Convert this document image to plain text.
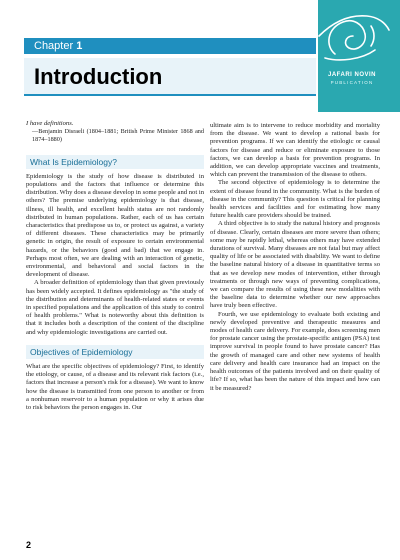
Chapter 1
Introduction	JAFARI NOVIN
PUBLICATION

I have definitions.

—Benjamin Disraeli (1804–1881; British Prime Minister 1868 and 1874–1880)

What Is Epidemiology?

Epidemiology is the study of how disease is distributed in populations and the factors that influence or determine this distribution. Why does a disease develop in some people and not in others? The premise underlying epidemiology is that disease, illness, ill health, and excellent health status are not randomly distributed in human populations. Rather, each of us has certain characteristics that predispose us to, or protect us against, a variety of different diseases. These characteristics may be primarily genetic in origin, the result of exposure to certain environmental hazards, or the behaviors (good and bad) that we engage in. Perhaps most often, we are dealing with an interaction of genetic, environmental, and behavioral and social factors in the development of disease.

A broader definition of epidemiology than that given previously has been widely accepted. It defines epidemiology as "the study of the distribution and determinants of health-related states or events in specified populations and the application of this study to control of health problems." What is noteworthy about this definition is that it includes both a description of the content of the discipline and why epidemiologic investigations are carried out.

Objectives of Epidemiology

What are the specific objectives of epidemiology? First, to identify the etiology, or cause, of a disease and its relevant risk factors (i.e., factors that increase a person's risk for a disease). We want to know how the disease is transmitted from one person to another or from a nonhuman reservoir to a human population or why it arises due to risk behaviors the person engages in. Our

ultimate aim is to intervene to reduce morbidity and mortality from the disease. We want to develop a rational basis for prevention programs. If we can identify the etiologic or causal factors for disease and reduce or eliminate exposure to those factors, we can develop a basis for prevention programs. In addition, we can develop appropriate vaccines and treatments, which can prevent the transmission of the disease to others.

The second objective of epidemiology is to determine the extent of disease found in the community. What is the burden of disease in the community? This question is critical for planning health services and facilities and for estimating how many future health care providers should be trained.

A third objective is to study the natural history and prognosis of disease. Clearly, certain diseases are more severe than others; some may be rapidly lethal, whereas others may have extended durations of survival. Many diseases are not fatal but may affect quality of life or be associated with disability. We want to define the baseline natural history of a disease in quantitative terms so that as we develop new modes of intervention, either through treatments or through new ways of preventing complications, we can compare the results of using these new modalities with the baseline data to determine whether our new approaches have truly been effective.

Fourth, we use epidemiology to evaluate both existing and newly developed preventive and therapeutic measures and modes of health care delivery. For example, does screening men for prostate cancer using the prostate-specific antigen (PSA) test improve survival in people found to have prostate cancer? Has the growth of managed care and other new systems of health care delivery and health care insurance had an impact on the health outcomes of the patients involved and on their quality of life? If so, what has been the nature of this impact and how can it be measured?

2
